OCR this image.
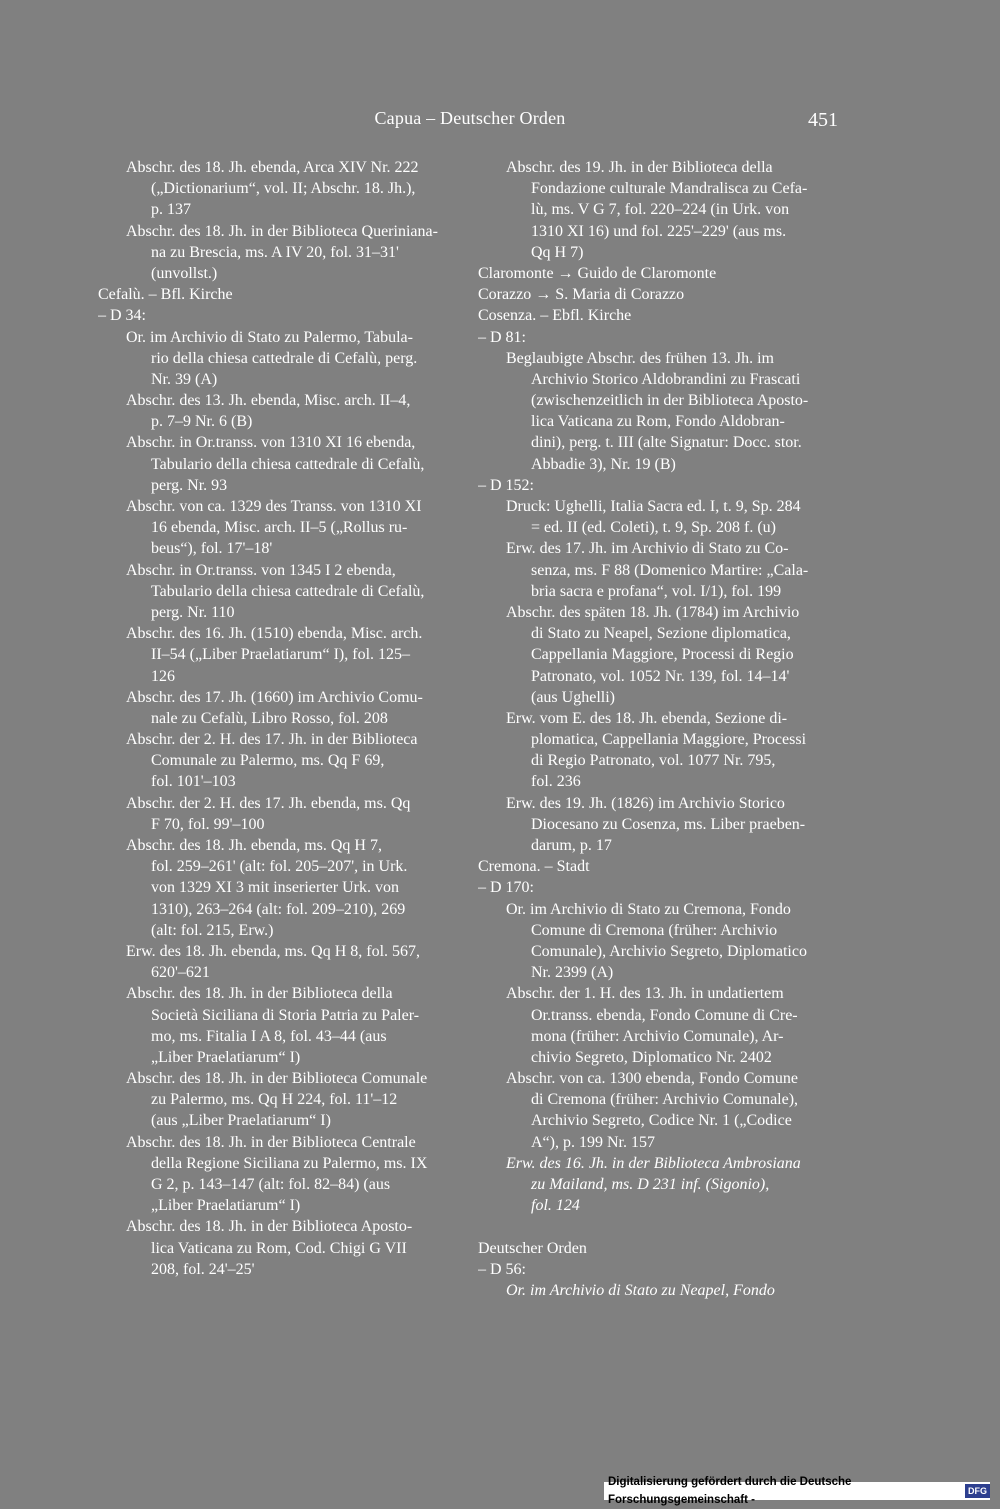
Capua – Deutscher Orden	451
Abschr. des 18. Jh. ebenda, Arca XIV Nr. 222
(„Dictionarium“, vol. II; Abschr. 18. Jh.),
p. 137
Abschr. des 18. Jh. in der Biblioteca Queriniana-
na zu Brescia, ms. A IV 20, fol. 31–31'
(unvollst.)
Cefalù. – Bfl. Kirche
– D 34:
Or. im Archivio di Stato zu Palermo, Tabula-
rio della chiesa cattedrale di Cefalù, perg.
Nr. 39 (A)
Abschr. des 13. Jh. ebenda, Misc. arch. II–4,
p. 7–9 Nr. 6 (B)
Abschr. in Or.transs. von 1310 XI 16 ebenda,
Tabulario della chiesa cattedrale di Cefalù,
perg. Nr. 93
Abschr. von ca. 1329 des Transs. von 1310 XI
16 ebenda, Misc. arch. II–5 („Rollus ru-
beus“), fol. 17'–18'
Abschr. in Or.transs. von 1345 I 2 ebenda,
Tabulario della chiesa cattedrale di Cefalù,
perg. Nr. 110
Abschr. des 16. Jh. (1510) ebenda, Misc. arch.
II–54 („Liber Praelatiarum“ I), fol. 125–
126
Abschr. des 17. Jh. (1660) im Archivio Comu-
nale zu Cefalù, Libro Rosso, fol. 208
Abschr. der 2. H. des 17. Jh. in der Biblioteca
Comunale zu Palermo, ms. Qq F 69,
fol. 101'–103
Abschr. der 2. H. des 17. Jh. ebenda, ms. Qq
F 70, fol. 99'–100
Abschr. des 18. Jh. ebenda, ms. Qq H 7,
fol. 259–261' (alt: fol. 205–207', in Urk.
von 1329 XI 3 mit inserierter Urk. von
1310), 263–264 (alt: fol. 209–210), 269
(alt: fol. 215, Erw.)
Erw. des 18. Jh. ebenda, ms. Qq H 8, fol. 567,
620'–621
Abschr. des 18. Jh. in der Biblioteca della
Società Siciliana di Storia Patria zu Paler-
mo, ms. Fitalia I A 8, fol. 43–44 (aus
„Liber Praelatiarum“ I)
Abschr. des 18. Jh. in der Biblioteca Comunale
zu Palermo, ms. Qq H 224, fol. 11'–12
(aus „Liber Praelatiarum“ I)
Abschr. des 18. Jh. in der Biblioteca Centrale
della Regione Siciliana zu Palermo, ms. IX
G 2, p. 143–147 (alt: fol. 82–84) (aus
„Liber Praelatiarum“ I)
Abschr. des 18. Jh. in der Biblioteca Aposto-
lica Vaticana zu Rom, Cod. Chigi G VII
208, fol. 24'–25'
Abschr. des 19. Jh. in der Biblioteca della
Fondazione culturale Mandralisca zu Cefa-
lù, ms. V G 7, fol. 220–224 (in Urk. von
1310 XI 16) und fol. 225'–229' (aus ms.
Qq H 7)
Claromonte → Guido de Claromonte
Corazzo → S. Maria di Corazzo
Cosenza. – Ebfl. Kirche
– D 81:
Beglaubigte Abschr. des frühen 13. Jh. im
Archivio Storico Aldobrandini zu Frascati
(zwischenzeitlich in der Biblioteca Aposto-
lica Vaticana zu Rom, Fondo Aldobran-
dini), perg. t. III (alte Signatur: Docc. stor.
Abbadie 3), Nr. 19 (B)
– D 152:
Druck: Ughelli, Italia Sacra ed. I, t. 9, Sp. 284
= ed. II (ed. Coleti), t. 9, Sp. 208 f. (u)
Erw. des 17. Jh. im Archivio di Stato zu Co-
senza, ms. F 88 (Domenico Martire: „Cala-
bria sacra e profana“, vol. I/1), fol. 199
Abschr. des späten 18. Jh. (1784) im Archivio
di Stato zu Neapel, Sezione diplomatica,
Cappellania Maggiore, Processi di Regio
Patronato, vol. 1052 Nr. 139, fol. 14–14'
(aus Ughelli)
Erw. vom E. des 18. Jh. ebenda, Sezione di-
plomatica, Cappellania Maggiore, Processi
di Regio Patronato, vol. 1077 Nr. 795,
fol. 236
Erw. des 19. Jh. (1826) im Archivio Storico
Diocesano zu Cosenza, ms. Liber praeben-
darum, p. 17
Cremona. – Stadt
– D 170:
Or. im Archivio di Stato zu Cremona, Fondo
Comune di Cremona (früher: Archivio
Comunale), Archivio Segreto, Diplomatico
Nr. 2399 (A)
Abschr. der 1. H. des 13. Jh. in undatiertem
Or.transs. ebenda, Fondo Comune di Cre-
mona (früher: Archivio Comunale), Ar-
chivio Segreto, Diplomatico Nr. 2402
Abschr. von ca. 1300 ebenda, Fondo Comune
di Cremona (früher: Archivio Comunale),
Archivio Segreto, Codice Nr. 1 („Codice
A“), p. 199 Nr. 157
Erw. des 16. Jh. in der Biblioteca Ambrosiana
zu Mailand, ms. D 231 inf. (Sigonio),
fol. 124
Deutscher Orden
– D 56:
Or. im Archivio di Stato zu Neapel, Fondo
Digitalisierung gefördert durch die Deutsche Forschungsgemeinschaft -
DFG
